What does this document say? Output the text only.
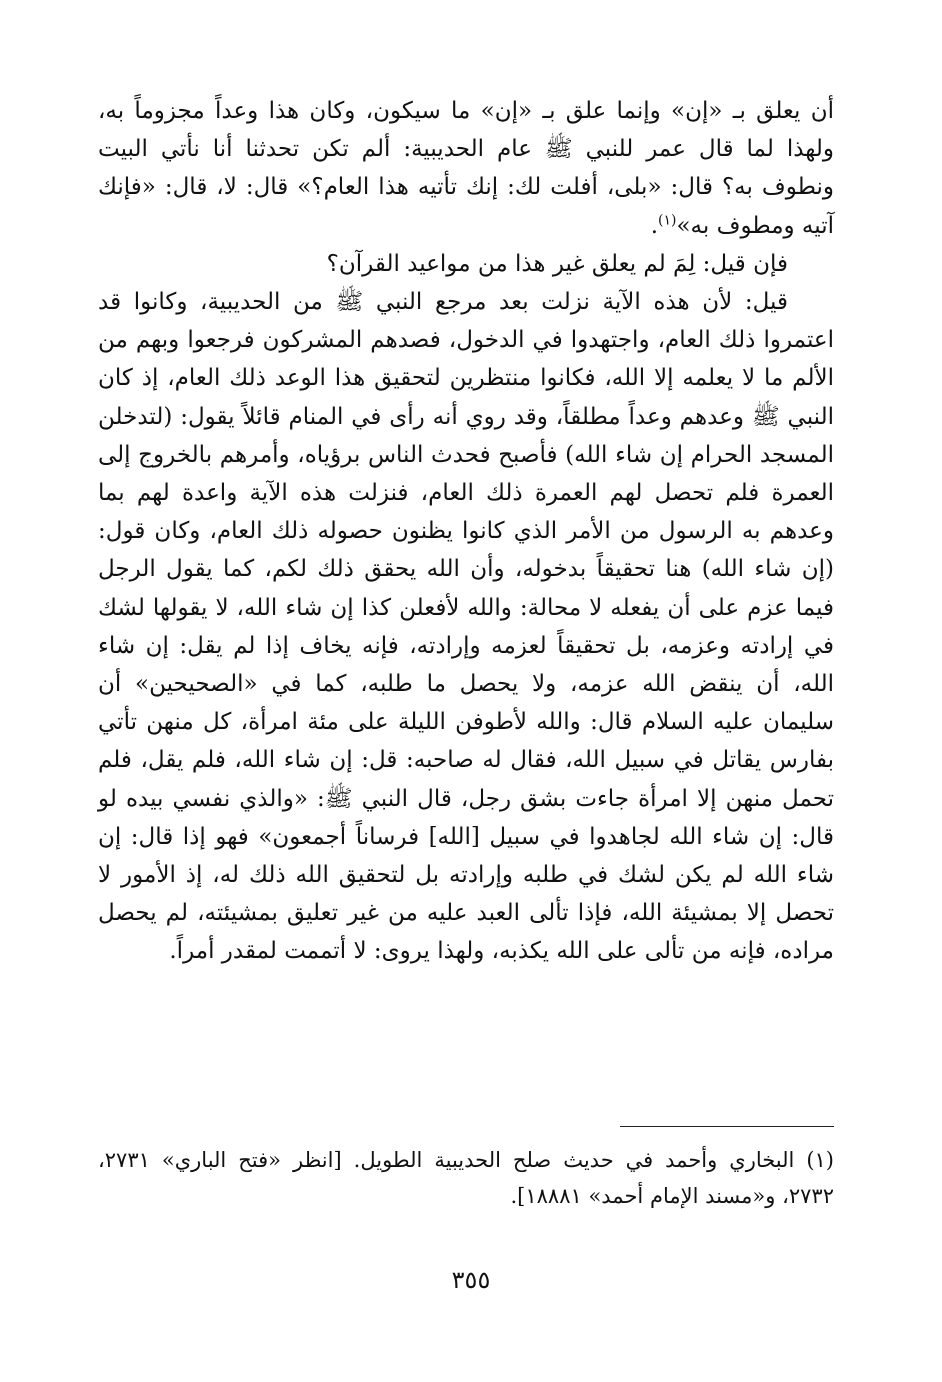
أن يعلق بـ «إن» وإنما علق بـ «إن» ما سيكون، وكان هذا وعداً مجزوماً به، ولهذا لما قال عمر للنبي ﷺ عام الحديبية: ألم تكن تحدثنا أنا نأتي البيت ونطوف به؟ قال: «بلى، أفلت لك: إنك تأتيه هذا العام؟» قال: لا، قال: «فإنك آتيه ومطوف به»$^{(١)}$.

فإن قيل: لِمَ لم يعلق غير هذا من مواعيد القرآن؟

قيل: لأن هذه الآية نزلت بعد مرجع النبي ﷺ من الحديبية، وكانوا قد اعتمروا ذلك العام، واجتهدوا في الدخول، فصدهم المشركون فرجعوا وبهم من الألم ما لا يعلمه إلا الله، فكانوا منتظرين لتحقيق هذا الوعد ذلك العام، إذ كان النبي ﷺ وعدهم وعداً مطلقاً، وقد روي أنه رأى في المنام قائلاً يقول: (لتدخلن المسجد الحرام إن شاء الله) فأصبح فحدث الناس برؤياه، وأمرهم بالخروج إلى العمرة فلم تحصل لهم العمرة ذلك العام، فنزلت هذه الآية واعدة لهم بما وعدهم به الرسول من الأمر الذي كانوا يظنون حصوله ذلك العام، وكان قول: (إن شاء الله) هنا تحقيقاً بدخوله، وأن الله يحقق ذلك لكم، كما يقول الرجل فيما عزم على أن يفعله لا محالة: والله لأفعلن كذا إن شاء الله، لا يقولها لشك في إرادته وعزمه، بل تحقيقاً لعزمه وإرادته، فإنه يخاف إذا لم يقل: إن شاء الله، أن ينقض الله عزمه، ولا يحصل ما طلبه، كما في «الصحيحين» أن سليمان عليه السلام قال: والله لأطوفن الليلة على مئة امرأة، كل منهن تأتي بفارس يقاتل في سبيل الله، فقال له صاحبه: قل: إن شاء الله، فلم يقل، فلم تحمل منهن إلا امرأة جاءت بشق رجل، قال النبي ﷺ: «والذي نفسي بيده لو قال: إن شاء الله لجاهدوا في سبيل [الله] فرساناً أجمعون» فهو إذا قال: إن شاء الله لم يكن لشك في طلبه وإرادته بل لتحقيق الله ذلك له، إذ الأمور لا تحصل إلا بمشيئة الله، فإذا تألى العبد عليه من غير تعليق بمشيئته، لم يحصل مراده، فإنه من تألى على الله يكذبه، ولهذا يروى: لا أتممت لمقدر أمراً.

(١) البخاري وأحمد في حديث صلح الحديبية الطويل. [انظر «فتح الباري» ٢٧٣١، ٢٧٣٢، و«مسند الإمام أحمد» ١٨٨٨١].
٣٥٥
